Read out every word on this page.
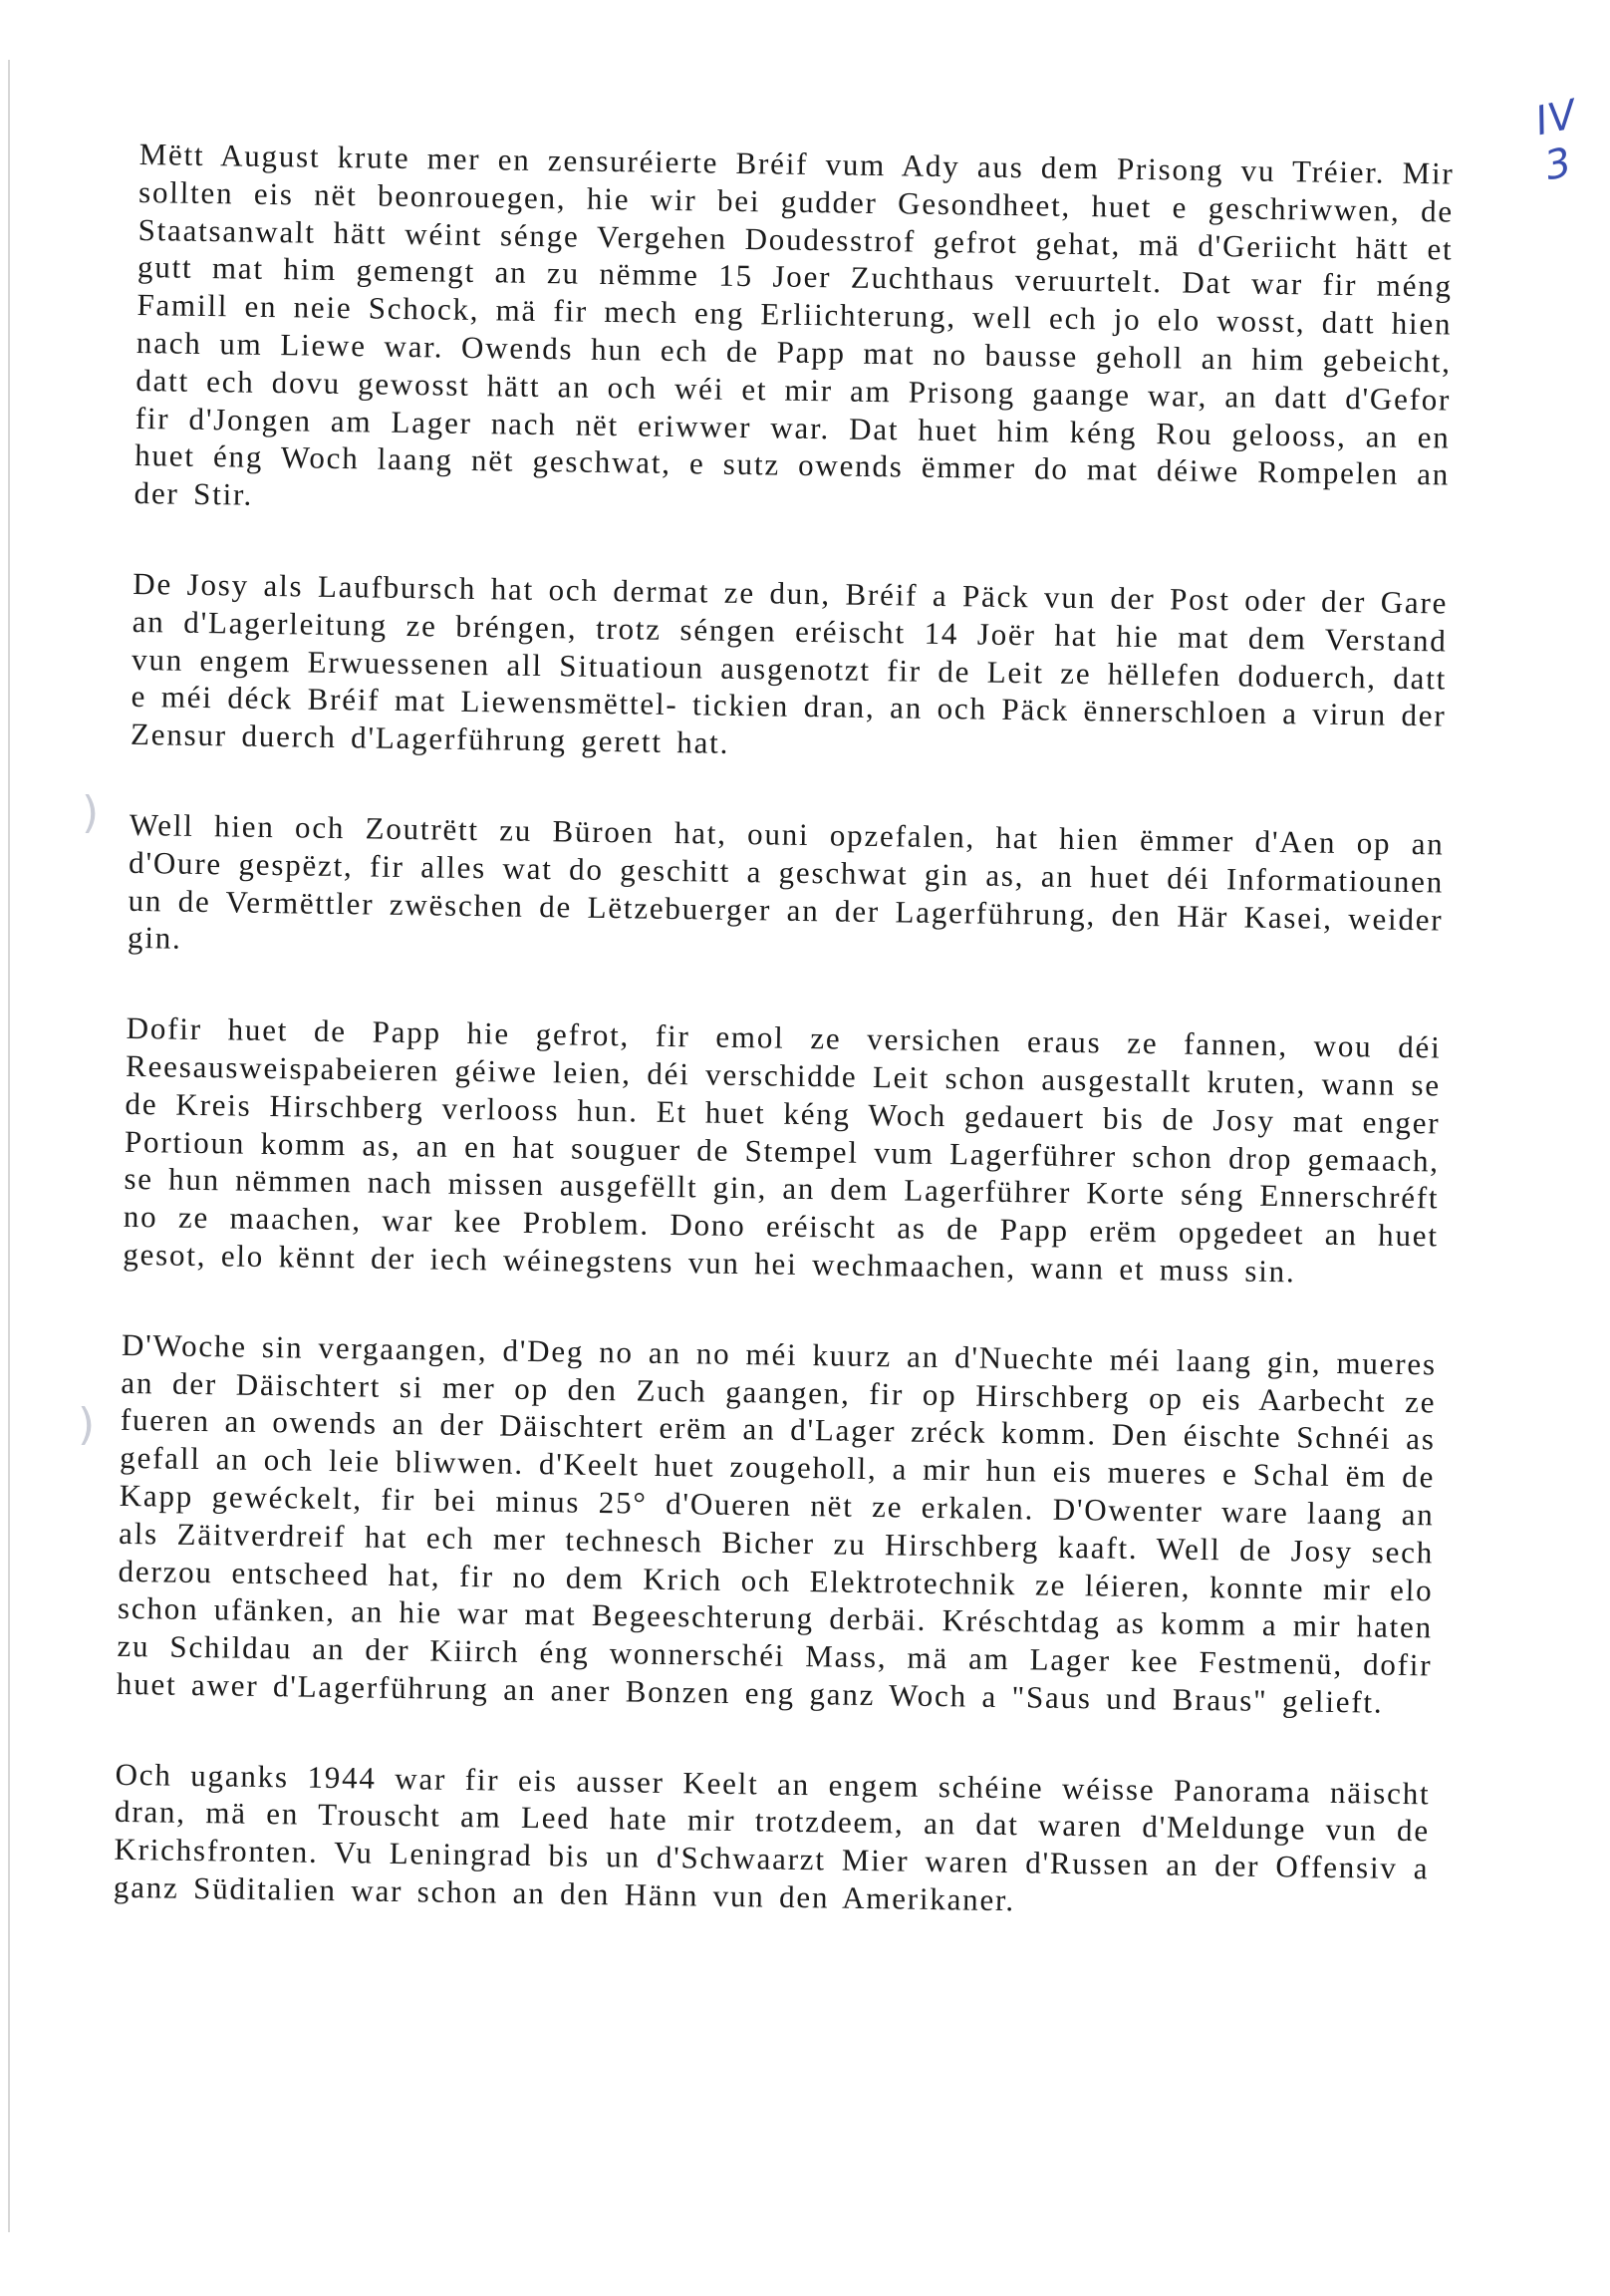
IV 3
)
)

Mëtt August krute mer en zensuréierte Bréif vum Ady aus dem Prisong vu Tréier. Mir sollten eis nët beonrouegen, hie wir bei gudder Gesondheet, huet e geschriwwen, de Staatsanwalt hätt wéint sénge Vergehen Doudesstrof gefrot gehat, mä d'Geriicht hätt et gutt mat him gemengt an zu nëmme 15 Joer Zuchthaus veruurtelt. Dat war fir méng Famill en neie Schock, mä fir mech eng Erliichterung, well ech jo elo wosst, datt hien nach um Liewe war. Owends hun ech de Papp mat no bausse geholl an him gebeicht, datt ech dovu gewosst hätt an och wéi et mir am Prisong gaange war, an datt d'Gefor fir d'Jongen am Lager nach nët eriwwer war. Dat huet him kéng Rou gelooss, an en huet éng Woch laang nët geschwat, e sutz owends ëmmer do mat déiwe Rompelen an der Stir.

De Josy als Laufbursch hat och dermat ze dun, Bréif a Päck vun der Post oder der Gare an d'Lagerleitung ze bréngen, trotz séngen eréischt 14 Joër hat hie mat dem Verstand vun engem Erwuessenen all Situatioun ausgenotzt fir de Leit ze hëllefen doduerch, datt e méi déck Bréif mat Liewensmëttel- tickien dran, an och Päck ënnerschloen a virun der Zensur duerch d'Lagerführung gerett hat.

Well hien och Zoutrëtt zu Büroen hat, ouni opzefalen, hat hien ëmmer d'Aen op an d'Oure gespëzt, fir alles wat do geschitt a geschwat gin as, an huet déi Informatiounen un de Vermëttler zwëschen de Lëtzebuerger an der Lagerführung, den Här Kasei, weider gin.

Dofir huet de Papp hie gefrot, fir emol ze versichen eraus ze fannen, wou déi Reesausweispabeieren géiwe leien, déi verschidde Leit schon ausgestallt kruten, wann se de Kreis Hirschberg verlooss hun. Et huet kéng Woch gedauert bis de Josy mat enger Portioun komm as, an en hat souguer de Stempel vum Lagerführer schon drop gemaach, se hun nëmmen nach missen ausgefëllt gin, an dem Lagerführer Korte séng Ennerschréft no ze maachen, war kee Problem. Dono eréischt as de Papp erëm opgedeet an huet gesot, elo kënnt der iech wéinegstens vun hei wechmaachen, wann et muss sin.

D'Woche sin vergaangen, d'Deg no an no méi kuurz an d'Nuechte méi laang gin, mueres an der Däischtert si mer op den Zuch gaangen, fir op Hirschberg op eis Aarbecht ze fueren an owends an der Däischtert erëm an d'Lager zréck komm. Den éischte Schnéi as gefall an och leie bliwwen. d'Keelt huet zougeholl, a mir hun eis mueres e Schal ëm de Kapp gewéckelt, fir bei minus 25° d'Oueren nët ze erkalen. D'Owenter ware laang an als Zäitverdreif hat ech mer technesch Bicher zu Hirschberg kaaft. Well de Josy sech derzou entscheed hat, fir no dem Krich och Elektrotechnik ze léieren, konnte mir elo schon ufänken, an hie war mat Begeeschterung derbäi. Kréschtdag as komm a mir haten zu Schildau an der Kiirch éng wonnerschéi Mass, mä am Lager kee Festmenü, dofir huet awer d'Lagerführung an aner Bonzen eng ganz Woch a "Saus und Braus" gelieft.

Och uganks 1944 war fir eis ausser Keelt an engem schéine wéisse Panorama näischt dran, mä en Trouscht am Leed hate mir trotzdeem, an dat waren d'Meldunge vun de Krichsfronten. Vu Leningrad bis un d'Schwaarzt Mier waren d'Russen an der Offensiv a ganz Süditalien war schon an den Hänn vun den Amerikaner.
